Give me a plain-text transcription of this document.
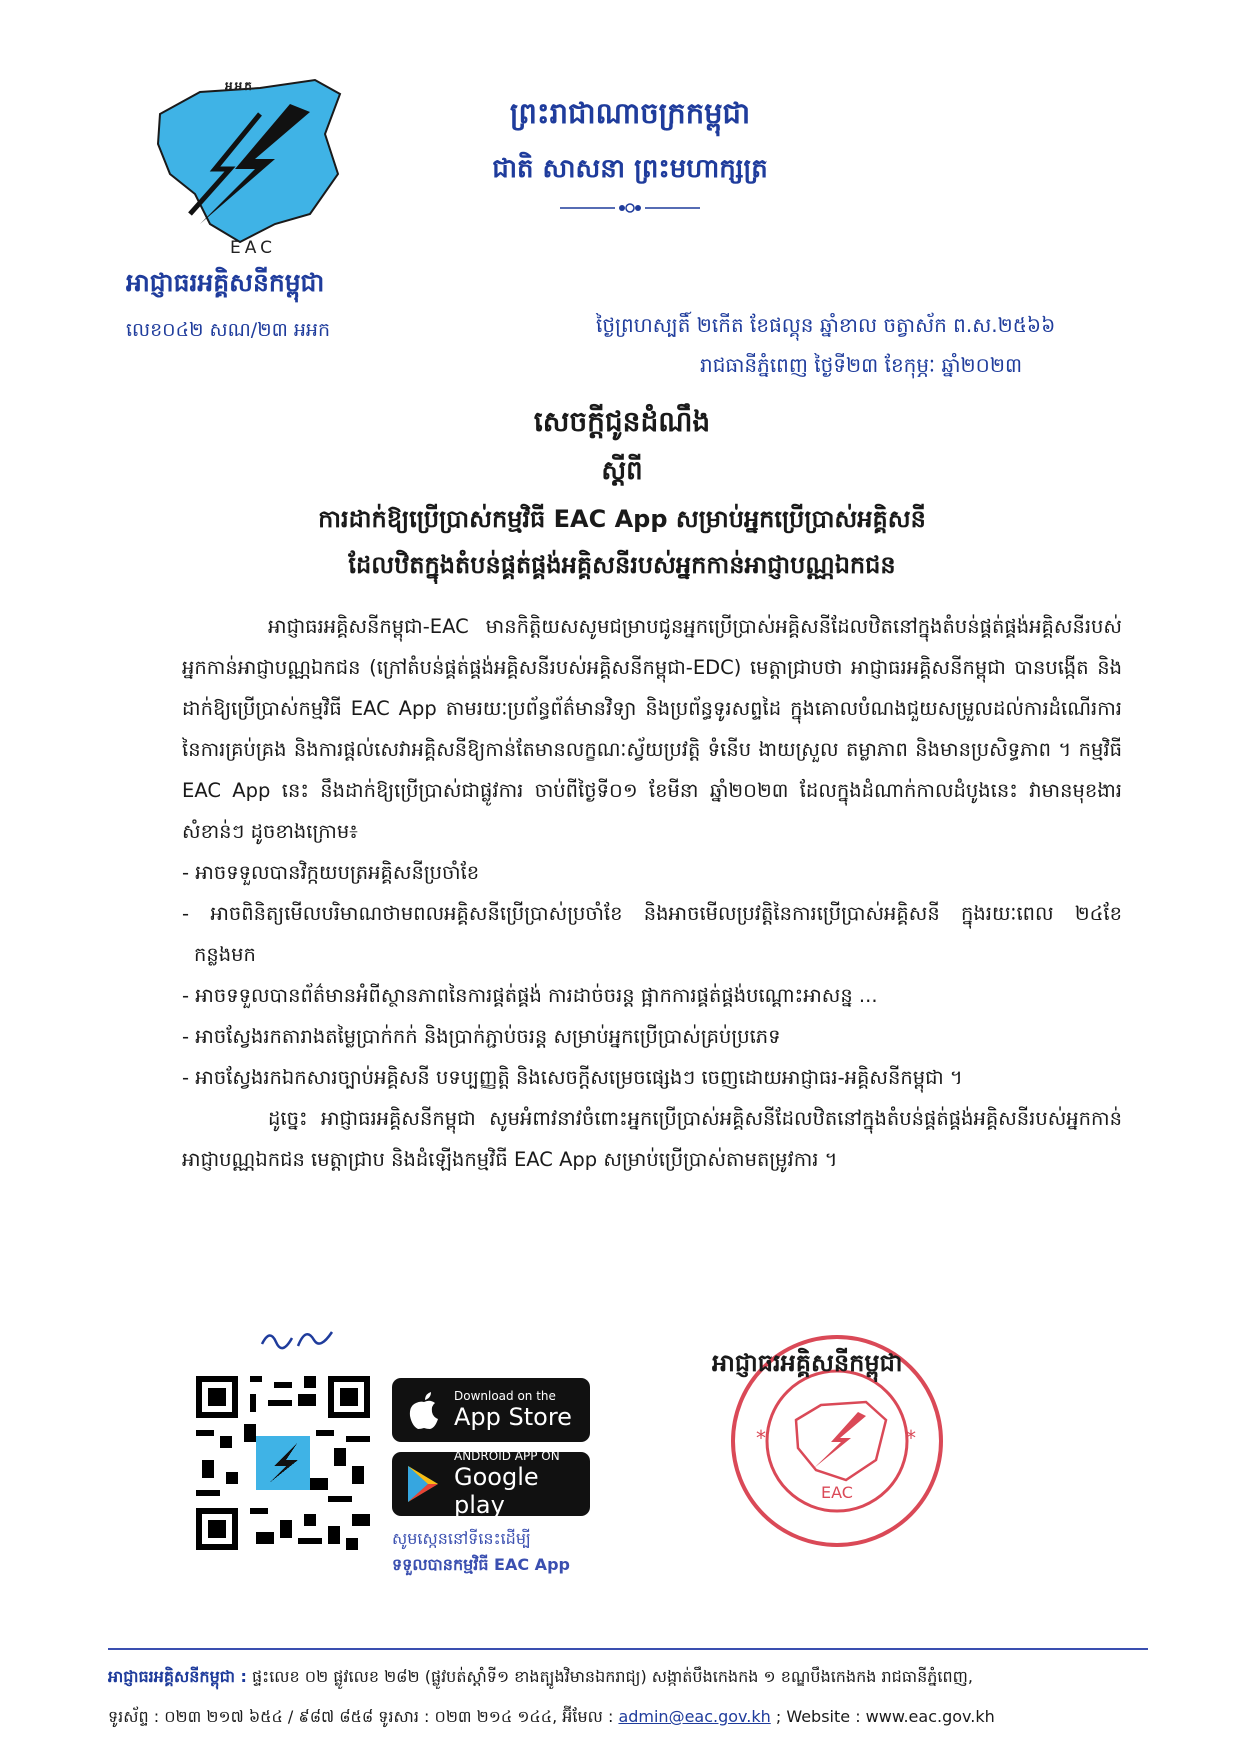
អអក
EAC
អាជ្ញាធរអគ្គិសនីកម្ពុជា
លេខ០៤២ សណ/២៣ អអក
ព្រះរាជាណាចក្រកម្ពុជា
ជាតិ សាសនា ព្រះមហាក្សត្រ
ថ្ងៃព្រហស្បតិ៍ ២កើត ខែផល្គុន ឆ្នាំខាល ចត្វាស័ក ព.ស.២៥៦៦
រាជធានីភ្នំពេញ ថ្ងៃទី២៣ ខែកុម្ភៈ ឆ្នាំ២០២៣
សេចក្តីជូនដំណឹង
ស្តីពី
ការដាក់ឱ្យប្រើប្រាស់កម្មវិធី EAC App សម្រាប់អ្នកប្រើប្រាស់អគ្គិសនី
ដែលឋិតក្នុងតំបន់ផ្គត់ផ្គង់អគ្គិសនីរបស់អ្នកកាន់អាជ្ញាបណ្ណឯកជន

អាជ្ញាធរអគ្គិសនីកម្ពុជា-EAC មានកិត្តិយសសូមជម្រាបជូនអ្នកប្រើប្រាស់អគ្គិសនីដែលឋិតនៅក្នុងតំបន់ផ្គត់ផ្គង់អគ្គិសនីរបស់អ្នកកាន់អាជ្ញាបណ្ណឯកជន (ក្រៅតំបន់ផ្គត់ផ្គង់អគ្គិសនីរបស់អគ្គិសនីកម្ពុជា-EDC) មេត្តាជ្រាបថា អាជ្ញាធរអគ្គិសនីកម្ពុជា បានបង្កើត និងដាក់ឱ្យប្រើប្រាស់កម្មវិធី EAC App តាមរយៈប្រព័ន្ធព័ត៌មានវិទ្យា និងប្រព័ន្ធទូរសព្ទដៃ ក្នុងគោលបំណងជួយសម្រួលដល់ការដំណើរការនៃការគ្រប់គ្រង និងការផ្តល់សេវាអគ្គិសនីឱ្យកាន់តែមានលក្ខណៈស្វ័យប្រវត្តិ ទំនើប ងាយស្រួល តម្លាភាព និងមានប្រសិទ្ធភាព ។ កម្មវិធី EAC App នេះ នឹងដាក់ឱ្យប្រើប្រាស់ជាផ្លូវការ ចាប់ពីថ្ងៃទី០១ ខែមីនា ឆ្នាំ២០២៣ ដែលក្នុងដំណាក់កាលដំបូងនេះ វាមានមុខងារសំខាន់ៗ ដូចខាងក្រោម៖

- អាចទទួលបានវិក្កយបត្រអគ្គិសនីប្រចាំខែ
- អាចពិនិត្យមើលបរិមាណថាមពលអគ្គិសនីប្រើប្រាស់ប្រចាំខែ និងអាចមើលប្រវត្តិនៃការប្រើប្រាស់អគ្គិសនី ក្នុងរយៈពេល ២៤ខែ កន្លងមក
- អាចទទួលបានព័ត៌មានអំពីស្ថានភាពនៃការផ្គត់ផ្គង់ ការដាច់ចរន្ត ផ្អាកការផ្គត់ផ្គង់បណ្តោះអាសន្ន ...
- អាចស្វែងរកតារាងតម្លៃប្រាក់កក់ និងប្រាក់ភ្ជាប់ចរន្ត សម្រាប់អ្នកប្រើប្រាស់គ្រប់ប្រភេទ
- អាចស្វែងរកឯកសារច្បាប់អគ្គិសនី បទប្បញ្ញត្តិ និងសេចក្តីសម្រេចផ្សេងៗ ចេញដោយអាជ្ញាធរ-អគ្គិសនីកម្ពុជា ។

ដូច្នេះ អាជ្ញាធរអគ្គិសនីកម្ពុជា សូមអំពាវនាវចំពោះអ្នកប្រើប្រាស់អគ្គិសនីដែលឋិតនៅក្នុងតំបន់ផ្គត់ផ្គង់អគ្គិសនីរបស់អ្នកកាន់អាជ្ញាបណ្ណឯកជន មេត្តាជ្រាប និងដំឡើងកម្មវិធី EAC App សម្រាប់ប្រើប្រាស់តាមតម្រូវការ ។

Download on the
App Store
ANDROID APP ON
Google play
សូមស្កេននៅទីនេះដើម្បី
ទទួលបានកម្មវិធី EAC App
EAC
*	*
អាជ្ញាធរអគ្គិសនីកម្ពុជា
អាជ្ញាធរអគ្គិសនីកម្ពុជា : ផ្ទះលេខ ០២ ផ្លូវលេខ ២៨២ (ផ្លូវបត់ស្តាំទី១ ខាងត្បូងវិមានឯករាជ្យ) សង្កាត់បឹងកេងកង ១ ខណ្ឌបឹងកេងកង រាជធានីភ្នំពេញ,
ទូរស័ព្ទ : ០២៣ ២១៧ ៦៥៤ / ៩៨៧ ៨៥៨ ទូរសារ : ០២៣ ២១៤ ១៤៤, អ៊ីមែល : admin@eac.gov.kh ; Website : www.eac.gov.kh
